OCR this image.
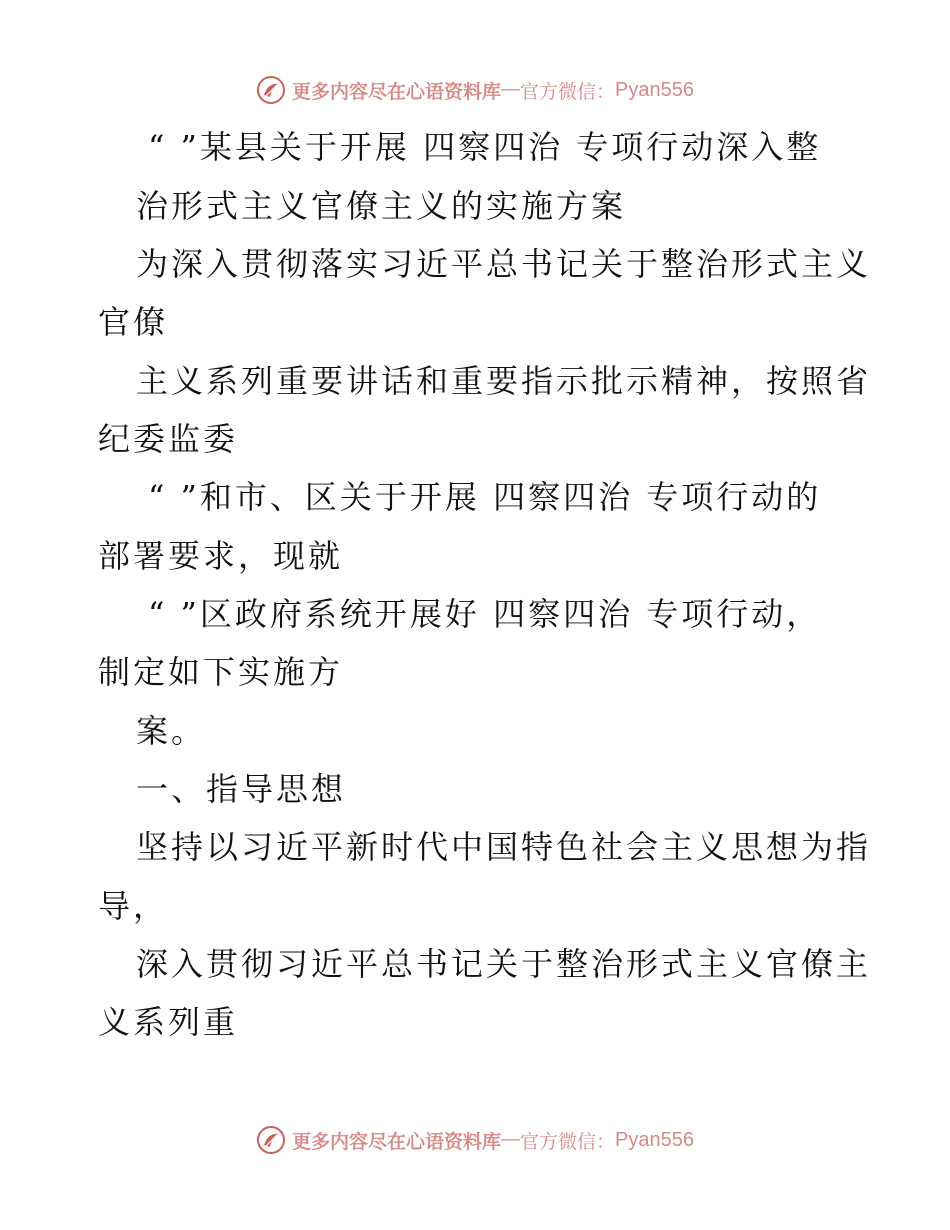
更多内容尽在心语资料库 — 官方微信： Pyan556
“ ”某县关于开展 四察四治 专项行动深入整
治形式主义官僚主义的实施方案
为深入贯彻落实习近平总书记关于整治形式主义
官僚
主义系列重要讲话和重要指示批示精神，按照省
纪委监委
“ ”和市、区关于开展 四察四治 专项行动的
部署要求，现就
“ ”区政府系统开展好 四察四治 专项行动，
制定如下实施方
案。
一、指导思想
坚持以习近平新时代中国特色社会主义思想为指
导，
深入贯彻习近平总书记关于整治形式主义官僚主
义系列重
更多内容尽在心语资料库 — 官方微信： Pyan556
